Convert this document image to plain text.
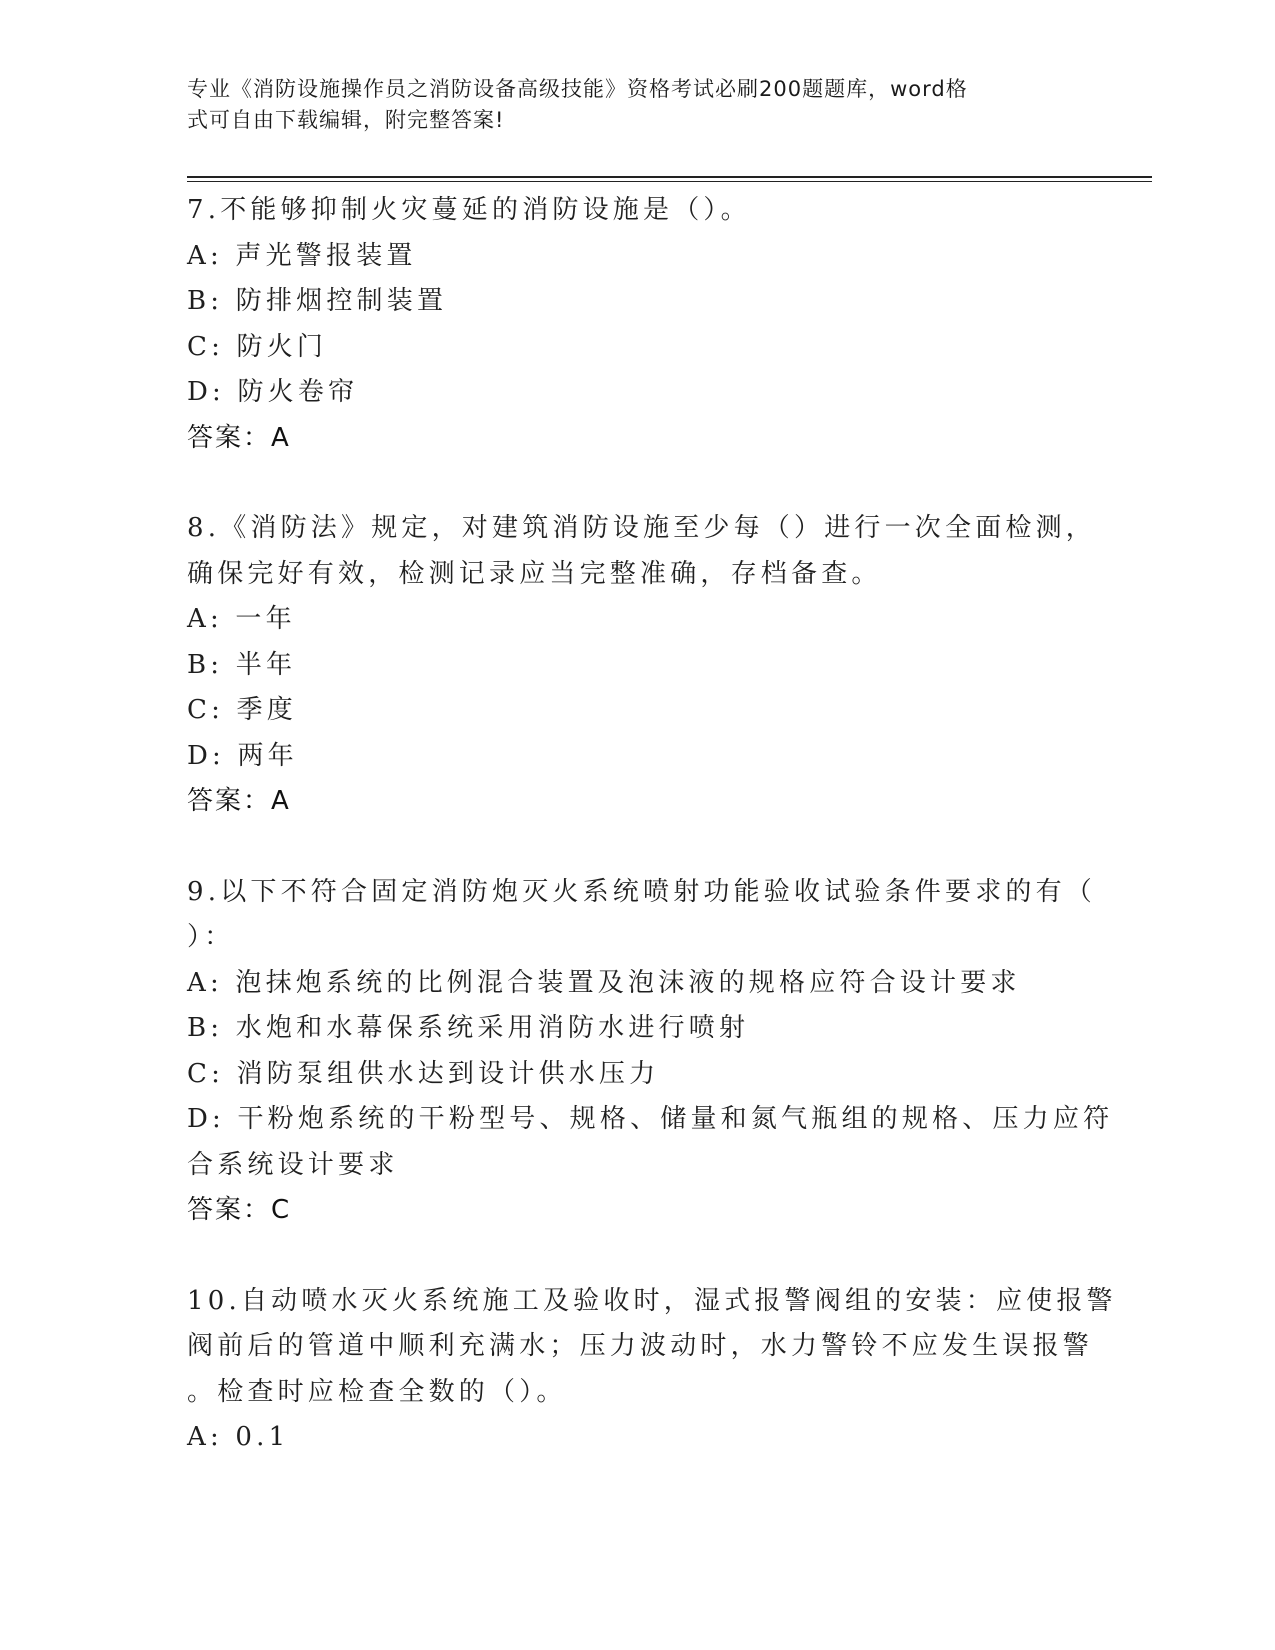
专业《消防设施操作员之消防设备高级技能》资格考试必刷200题题库，word格
式可自由下载编辑，附完整答案!
7.不能够抑制火灾蔓延的消防设施是（）。
A: 声光警报装置
B: 防排烟控制装置
C: 防火门
D: 防火卷帘
答案：A
8.《消防法》规定，对建筑消防设施至少每（）进行一次全面检测，
确保完好有效，检测记录应当完整准确，存档备查。
A: 一年
B: 半年
C: 季度
D: 两年
答案：A
9.以下不符合固定消防炮灭火系统喷射功能验收试验条件要求的有（
）：
A: 泡抹炮系统的比例混合装置及泡沫液的规格应符合设计要求
B: 水炮和水幕保系统采用消防水进行喷射
C: 消防泵组供水达到设计供水压力
D: 干粉炮系统的干粉型号、规格、储量和氮气瓶组的规格、压力应符
合系统设计要求
答案：C
10.自动喷水灭火系统施工及验收时，湿式报警阀组的安装：应使报警
阀前后的管道中顺利充满水；压力波动时，水力警铃不应发生误报警
。检查时应检查全数的（）。
A: 0.1
